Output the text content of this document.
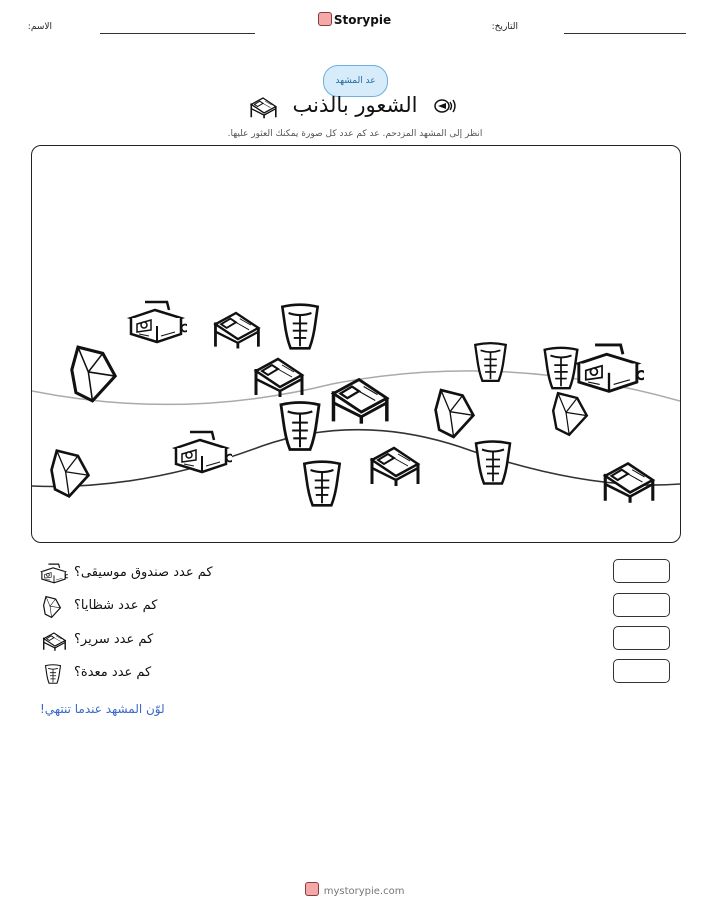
الاسم:	Storypie	التاريخ:
عد المشهد
الشعور بالذنب
انظر إلى المشهد المزدحم. عد كم عدد كل صورة يمكنك العثور عليها.
كم عدد صندوق موسيقى؟
كم عدد شظايا؟
كم عدد سرير؟
كم عدد معدة؟
لوّن المشهد عندما تنتهي!
mystorypie.com
